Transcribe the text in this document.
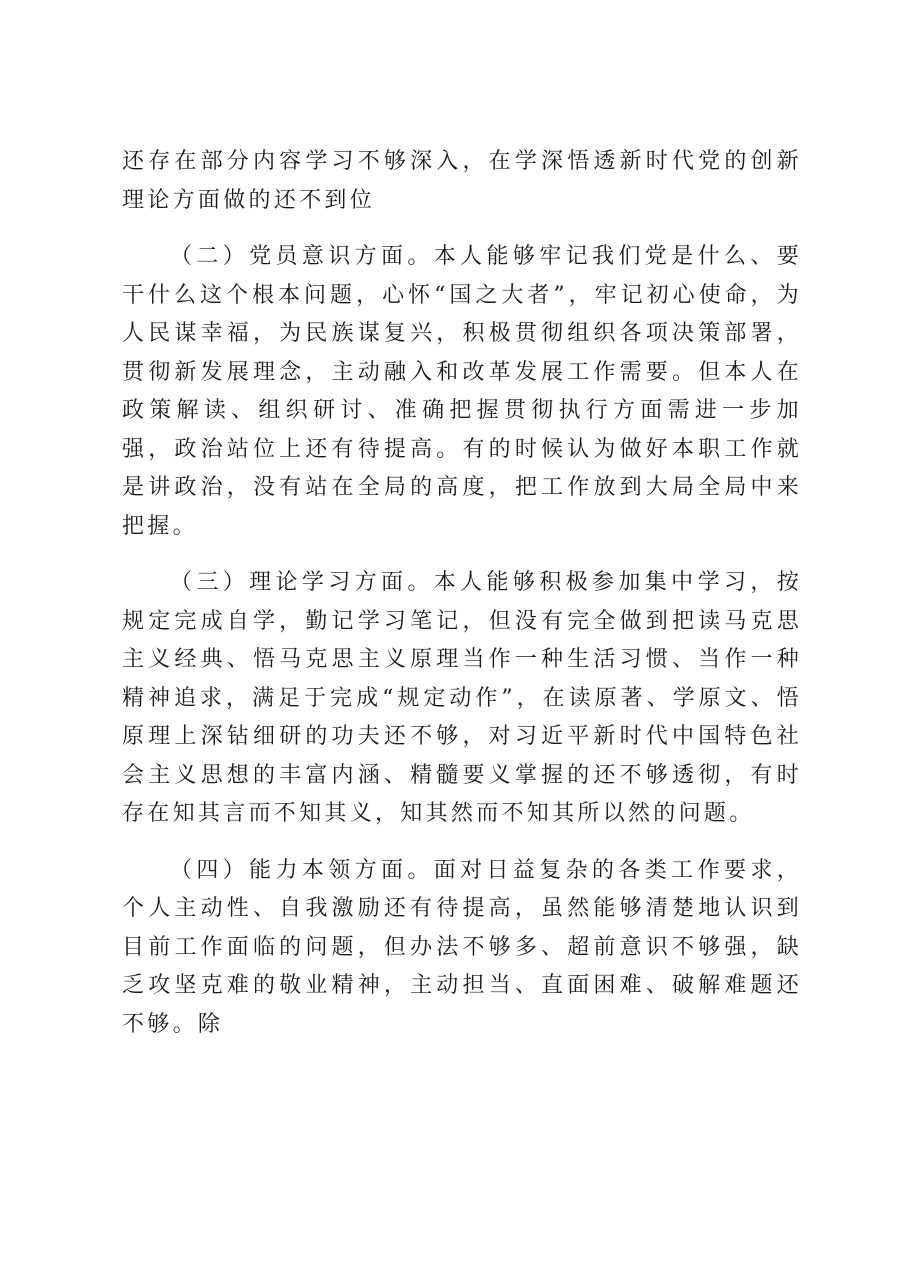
还存在部分内容学习不够深入，在学深悟透新时代党的创新理论方面做的还不到位

（二）党员意识方面。本人能够牢记我们党是什么、要干什么这个根本问题，心怀“国之大者”，牢记初心使命，为人民谋幸福，为民族谋复兴，积极贯彻组织各项决策部署，贯彻新发展理念，主动融入和改革发展工作需要。但本人在政策解读、组织研讨、准确把握贯彻执行方面需进一步加强，政治站位上还有待提高。有的时候认为做好本职工作就是讲政治，没有站在全局的高度，把工作放到大局全局中来把握。

（三）理论学习方面。本人能够积极参加集中学习，按规定完成自学，勤记学习笔记，但没有完全做到把读马克思主义经典、悟马克思主义原理当作一种生活习惯、当作一种精神追求，满足于完成“规定动作”，在读原著、学原文、悟原理上深钻细研的功夫还不够，对习近平新时代中国特色社会主义思想的丰富内涵、精髓要义掌握的还不够透彻，有时存在知其言而不知其义，知其然而不知其所以然的问题。

（四）能力本领方面。面对日益复杂的各类工作要求，个人主动性、自我激励还有待提高，虽然能够清楚地认识到目前工作面临的问题，但办法不够多、超前意识不够强，缺乏攻坚克难的敬业精神，主动担当、直面困难、破解难题还不够。除
